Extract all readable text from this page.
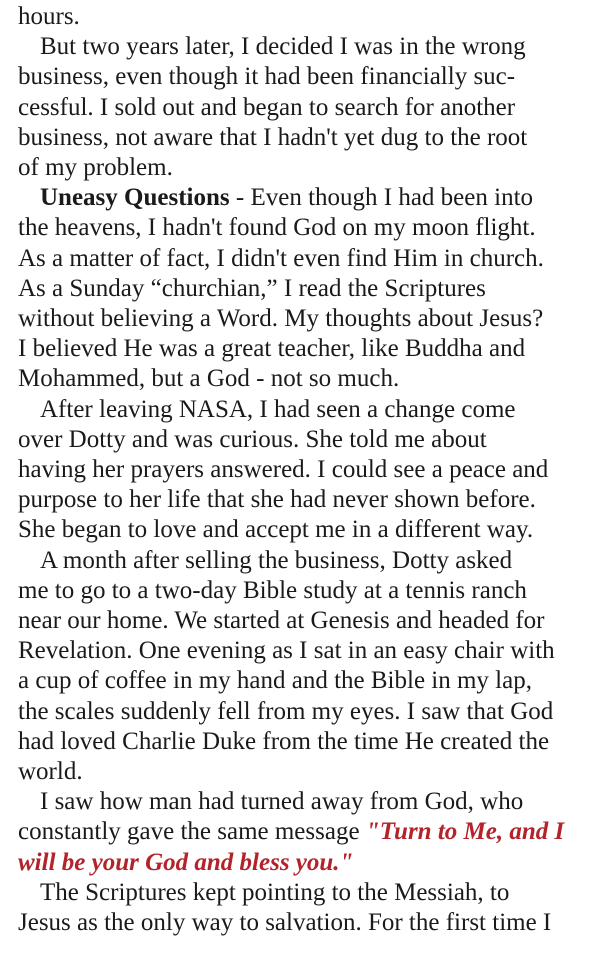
hours.
But two years later, I decided I was in the wrong
business, even though it had been financially suc-
cessful. I sold out and began to search for another
business, not aware that I hadn't yet dug to the root
of my problem.
Uneasy Questions - Even though I had been into
the heavens, I hadn't found God on my moon flight.
As a matter of fact, I didn't even find Him in church.
As a Sunday “churchian,” I read the Scriptures
without believing a Word. My thoughts about Jesus?
I believed He was a great teacher, like Buddha and
Mohammed, but a God - not so much.
After leaving NASA, I had seen a change come
over Dotty and was curious. She told me about
having her prayers answered. I could see a peace and
purpose to her life that she had never shown before.
She began to love and accept me in a different way.
A month after selling the business, Dotty asked
me to go to a two-day Bible study at a tennis ranch
near our home. We started at Genesis and headed for
Revelation. One evening as I sat in an easy chair with
a cup of coffee in my hand and the Bible in my lap,
the scales suddenly fell from my eyes. I saw that God
had loved Charlie Duke from the time He created the
world.
I saw how man had turned away from God, who
constantly gave the same message "Turn to Me, and I
will be your God and bless you."
The Scriptures kept pointing to the Messiah, to
Jesus as the only way to salvation. For the first time I
